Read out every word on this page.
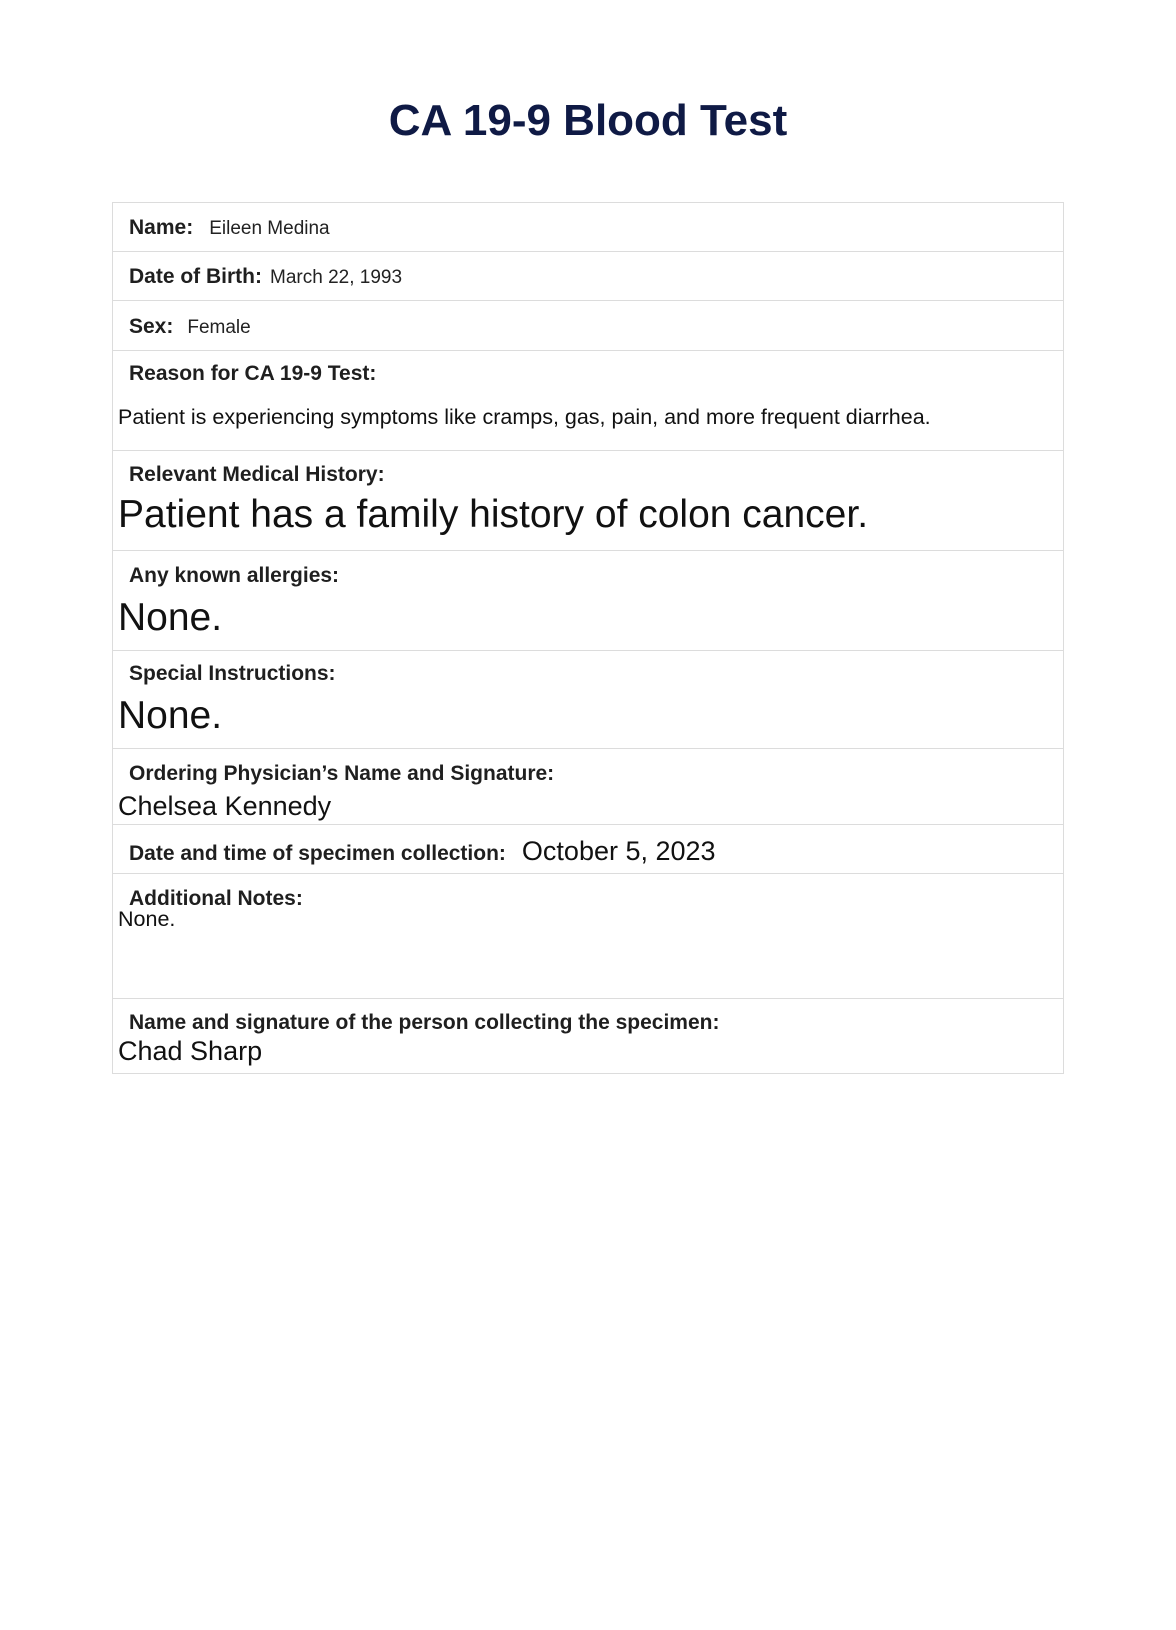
CA 19-9 Blood Test
Name: Eileen Medina
Date of Birth: March 22, 1993
Sex: Female
Reason for CA 19-9 Test:
Patient is experiencing symptoms like cramps, gas, pain, and more frequent diarrhea.
Relevant Medical History:
Patient has a family history of colon cancer.
Any known allergies:
None.
Special Instructions:
None.
Ordering Physician’s Name and Signature:
Chelsea Kennedy
Date and time of specimen collection: October 5, 2023
Additional Notes:
None.
Name and signature of the person collecting the specimen:
Chad Sharp
